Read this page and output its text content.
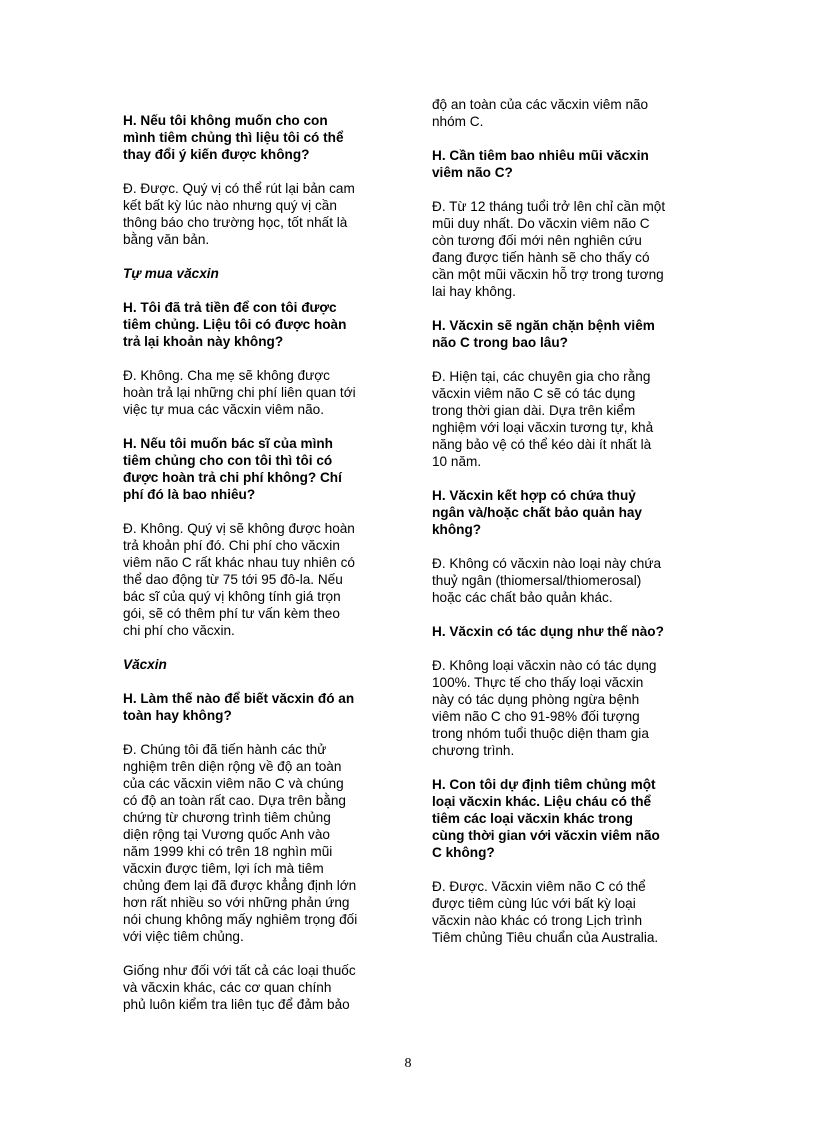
H. Nếu tôi không muốn cho con
mình tiêm chủng thì liệu tôi có thể
thay đổi ý kiến được không?

Đ. Được. Quý vị có thể rút lại bản cam
kết bất kỳ lúc nào nhưng quý vị cần
thông báo cho trường học, tốt nhất là
bằng văn bản.

Tự mua văcxin

H. Tôi đã trả tiền để con tôi được
tiêm chủng. Liệu tôi có được hoàn
trả lại khoản này không?

Đ. Không. Cha mẹ sẽ không được
hoàn trả lại những chi phí liên quan tới
việc tự mua các văcxin viêm não.

H. Nếu tôi muốn bác sĩ của mình
tiêm chủng cho con tôi thì tôi có
được hoàn trả chi phí không? Chí
phí đó là bao nhiêu?

Đ. Không. Quý vị sẽ không được hoàn
trả khoản phí đó. Chi phí cho văcxin
viêm não C rất khác nhau tuy nhiên có
thể dao động từ 75 tới 95 đô-la. Nếu
bác sĩ của quý vị không tính giá trọn
gói, sẽ có thêm phí tư vấn kèm theo
chi phí cho văcxin.

Văcxin

H. Làm thế nào để biết văcxin đó an
toàn hay không?

Đ. Chúng tôi đã tiến hành các thử
nghiệm trên diện rộng về độ an toàn
của các văcxin viêm não C và chúng
có độ an toàn rất cao. Dựa trên bằng
chứng từ chương trình tiêm chủng
diện rộng tại Vương quốc Anh vào
năm 1999 khi có trên 18 nghìn mũi
văcxin được tiêm, lợi ích mà tiêm
chủng đem lại đã được khẳng định lớn
hơn rất nhiều so với những phản ứng
nói chung không mấy nghiêm trọng đối
với việc tiêm chủng.

Giống như đối với tất cả các loại thuốc
và văcxin khác, các cơ quan chính
phủ luôn kiểm tra liên tục để đảm bảo

độ an toàn của các văcxin viêm não
nhóm C.

H. Cần tiêm bao nhiêu mũi văcxin
viêm não C?

Đ. Từ 12 tháng tuổi trở lên chỉ cần một
mũi duy nhất. Do văcxin viêm não C
còn tương đối mới nên nghiên cứu
đang được tiến hành sẽ cho thấy có
cần một mũi văcxin hỗ trợ trong tương
lai hay không.

H. Văcxin sẽ ngăn chặn bệnh viêm
não C trong bao lâu?

Đ. Hiện tại, các chuyên gia cho rằng
văcxin viêm não C sẽ có tác dụng
trong thời gian dài. Dựa trên kiểm
nghiệm với loại văcxin tương tự, khả
năng bảo vệ có thể kéo dài ít nhất là
10 năm.

H. Văcxin kết hợp có chứa thuỷ
ngân và/hoặc chất bảo quản hay
không?

Đ. Không có văcxin nào loại này chứa
thuỷ ngân (thiomersal/thiomerosal)
hoặc các chất bảo quản khác.

H. Văcxin có tác dụng như thế nào?

Đ. Không loại văcxin nào có tác dụng
100%. Thực tế cho thấy loại văcxin
này có tác dụng phòng ngừa bệnh
viêm não C cho 91-98% đối tượng
trong nhóm tuổi thuộc diện tham gia
chương trình.

H. Con tôi dự định tiêm chủng một
loại văcxin khác. Liệu cháu có thể
tiêm các loại văcxin khác trong
cùng thời gian với văcxin viêm não
C không?

Đ. Được. Văcxin viêm não C có thể
được tiêm cùng lúc với bất kỳ loại
văcxin nào khác có trong Lịch trình
Tiêm chủng Tiêu chuẩn của Australia.

8
